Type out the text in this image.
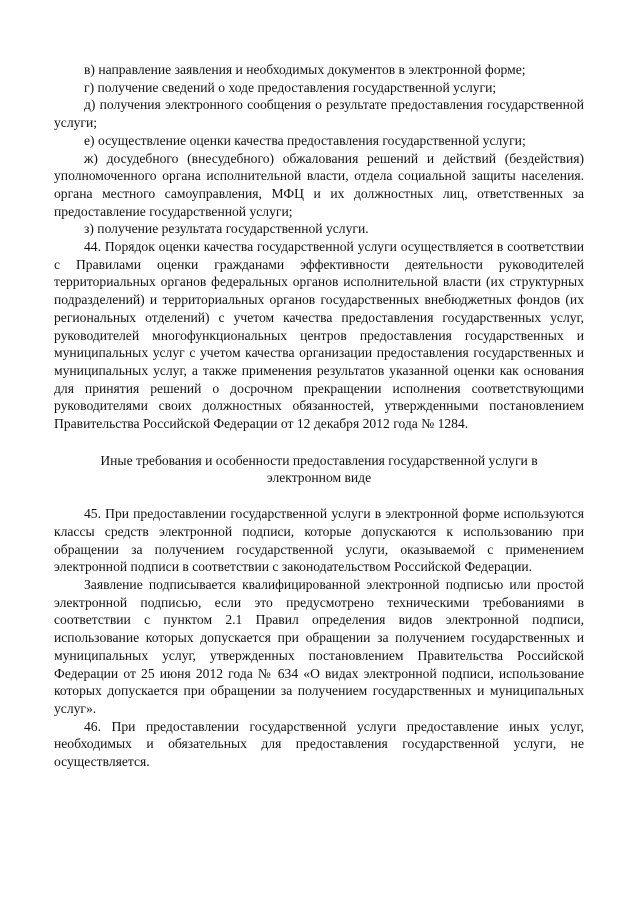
в) направление заявления и необходимых документов в электронной форме;

г) получение сведений о ходе предоставления государственной услуги;

д) получения электронного сообщения о результате предоставления государственной услуги;

е) осуществление оценки качества предоставления государственной услуги;

ж) досудебного (внесудебного) обжалования решений и действий (бездействия) уполномоченного органа исполнительной власти, отдела социальной защиты населения. органа местного самоуправления, МФЦ и их должностных лиц, ответственных за предоставление государственной услуги;

з) получение результата государственной услуги.

44. Порядок оценки качества государственной услуги осуществляется в соответствии с Правилами оценки гражданами эффективности деятельности руководителей территориальных органов федеральных органов исполнительной власти (их структурных подразделений) и территориальных органов государственных внебюджетных фондов (их региональных отделений) с учетом качества предоставления государственных услуг, руководителей многофункциональных центров предоставления государственных и муниципальных услуг с учетом качества организации предоставления государственных и муниципальных услуг, а также применения результатов указанной оценки как основания для принятия решений о досрочном прекращении исполнения соответствующими руководителями своих должностных обязанностей, утвержденными постановлением Правительства Российской Федерации от 12 декабря 2012 года № 1284.

Иные требования и особенности предоставления государственной услуги в электронном виде

45. При предоставлении государственной услуги в электронной форме используются классы средств электронной подписи, которые допускаются к использованию при обращении за получением государственной услуги, оказываемой с применением электронной подписи в соответствии с законодательством Российской Федерации.

Заявление подписывается квалифицированной электронной подписью или простой электронной подписью, если это предусмотрено техническими требованиями в соответствии с пунктом 2.1 Правил определения видов электронной подписи, использование которых допускается при обращении за получением государственных и муниципальных услуг, утвержденных постановлением Правительства Российской Федерации от 25 июня 2012 года № 634 «О видах электронной подписи, использование которых допускается при обращении за получением государственных и муниципальных услуг».

46. При предоставлении государственной услуги предоставление иных услуг, необходимых и обязательных для предоставления государственной услуги, не осуществляется.
